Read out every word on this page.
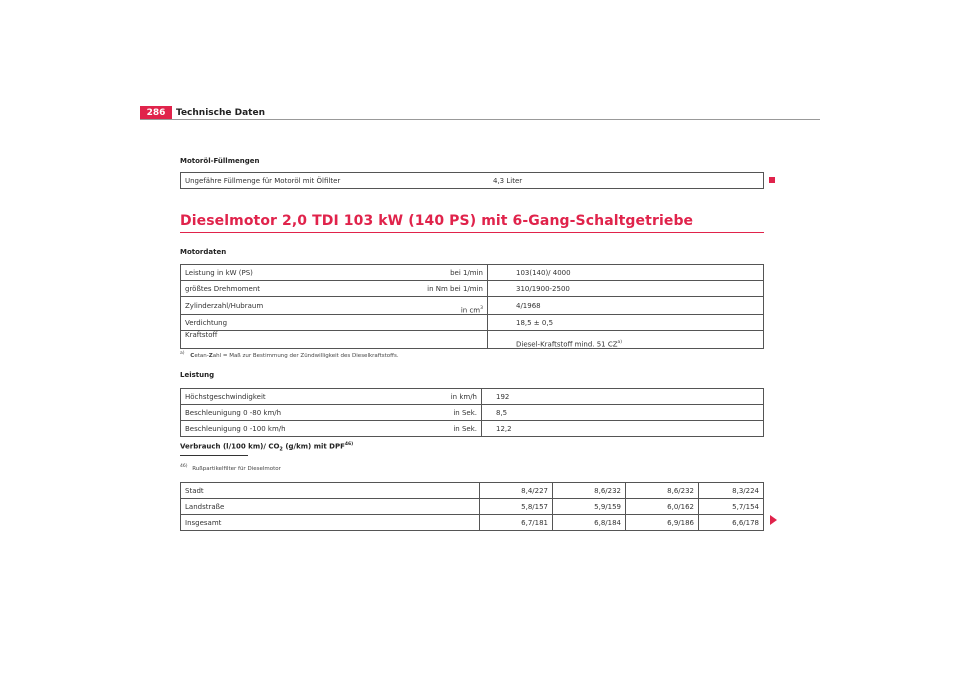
286	Technische Daten
Motoröl-Füllmengen
Ungefähre Füllmenge für Motoröl mit Ölfilter	4,3 Liter
Dieselmotor 2,0 TDI 103 kW (140 PS) mit 6-Gang-Schaltgetriebe
Motordaten
Leistung in kW (PS)	bei 1/min	103(140)/ 4000
größtes Drehmoment	in Nm bei 1/min	310/1900-2500
Zylinderzahl/Hubraum	in $cm^3$	4/1968
Verdichtung		18,5 ± 0,5
Kraftstoff		Diesel-Kraftstoff mind. 51 CZ$^{a)}$
$^{a)}$ Cetan-Zahl = Maß zur Bestimmung der Zündwilligkeit des Dieselkraftstoffs.
Leistung
Höchstgeschwindigkeit	in km/h	192
Beschleunigung 0 -80 km/h	in Sek.	8,5
Beschleunigung 0 -100 km/h	in Sek.	12,2
Verbrauch (l/100 km)/ $CO_2$ (g/km) mit DPF$^{46)}$
$^{46)}$ Rußpartikelfilter für Dieselmotor
Stadt	8,4/227	8,6/232	8,6/232	8,3/224
Landstraße	5,8/157	5,9/159	6,0/162	5,7/154
Insgesamt	6,7/181	6,8/184	6,9/186	6,6/178
